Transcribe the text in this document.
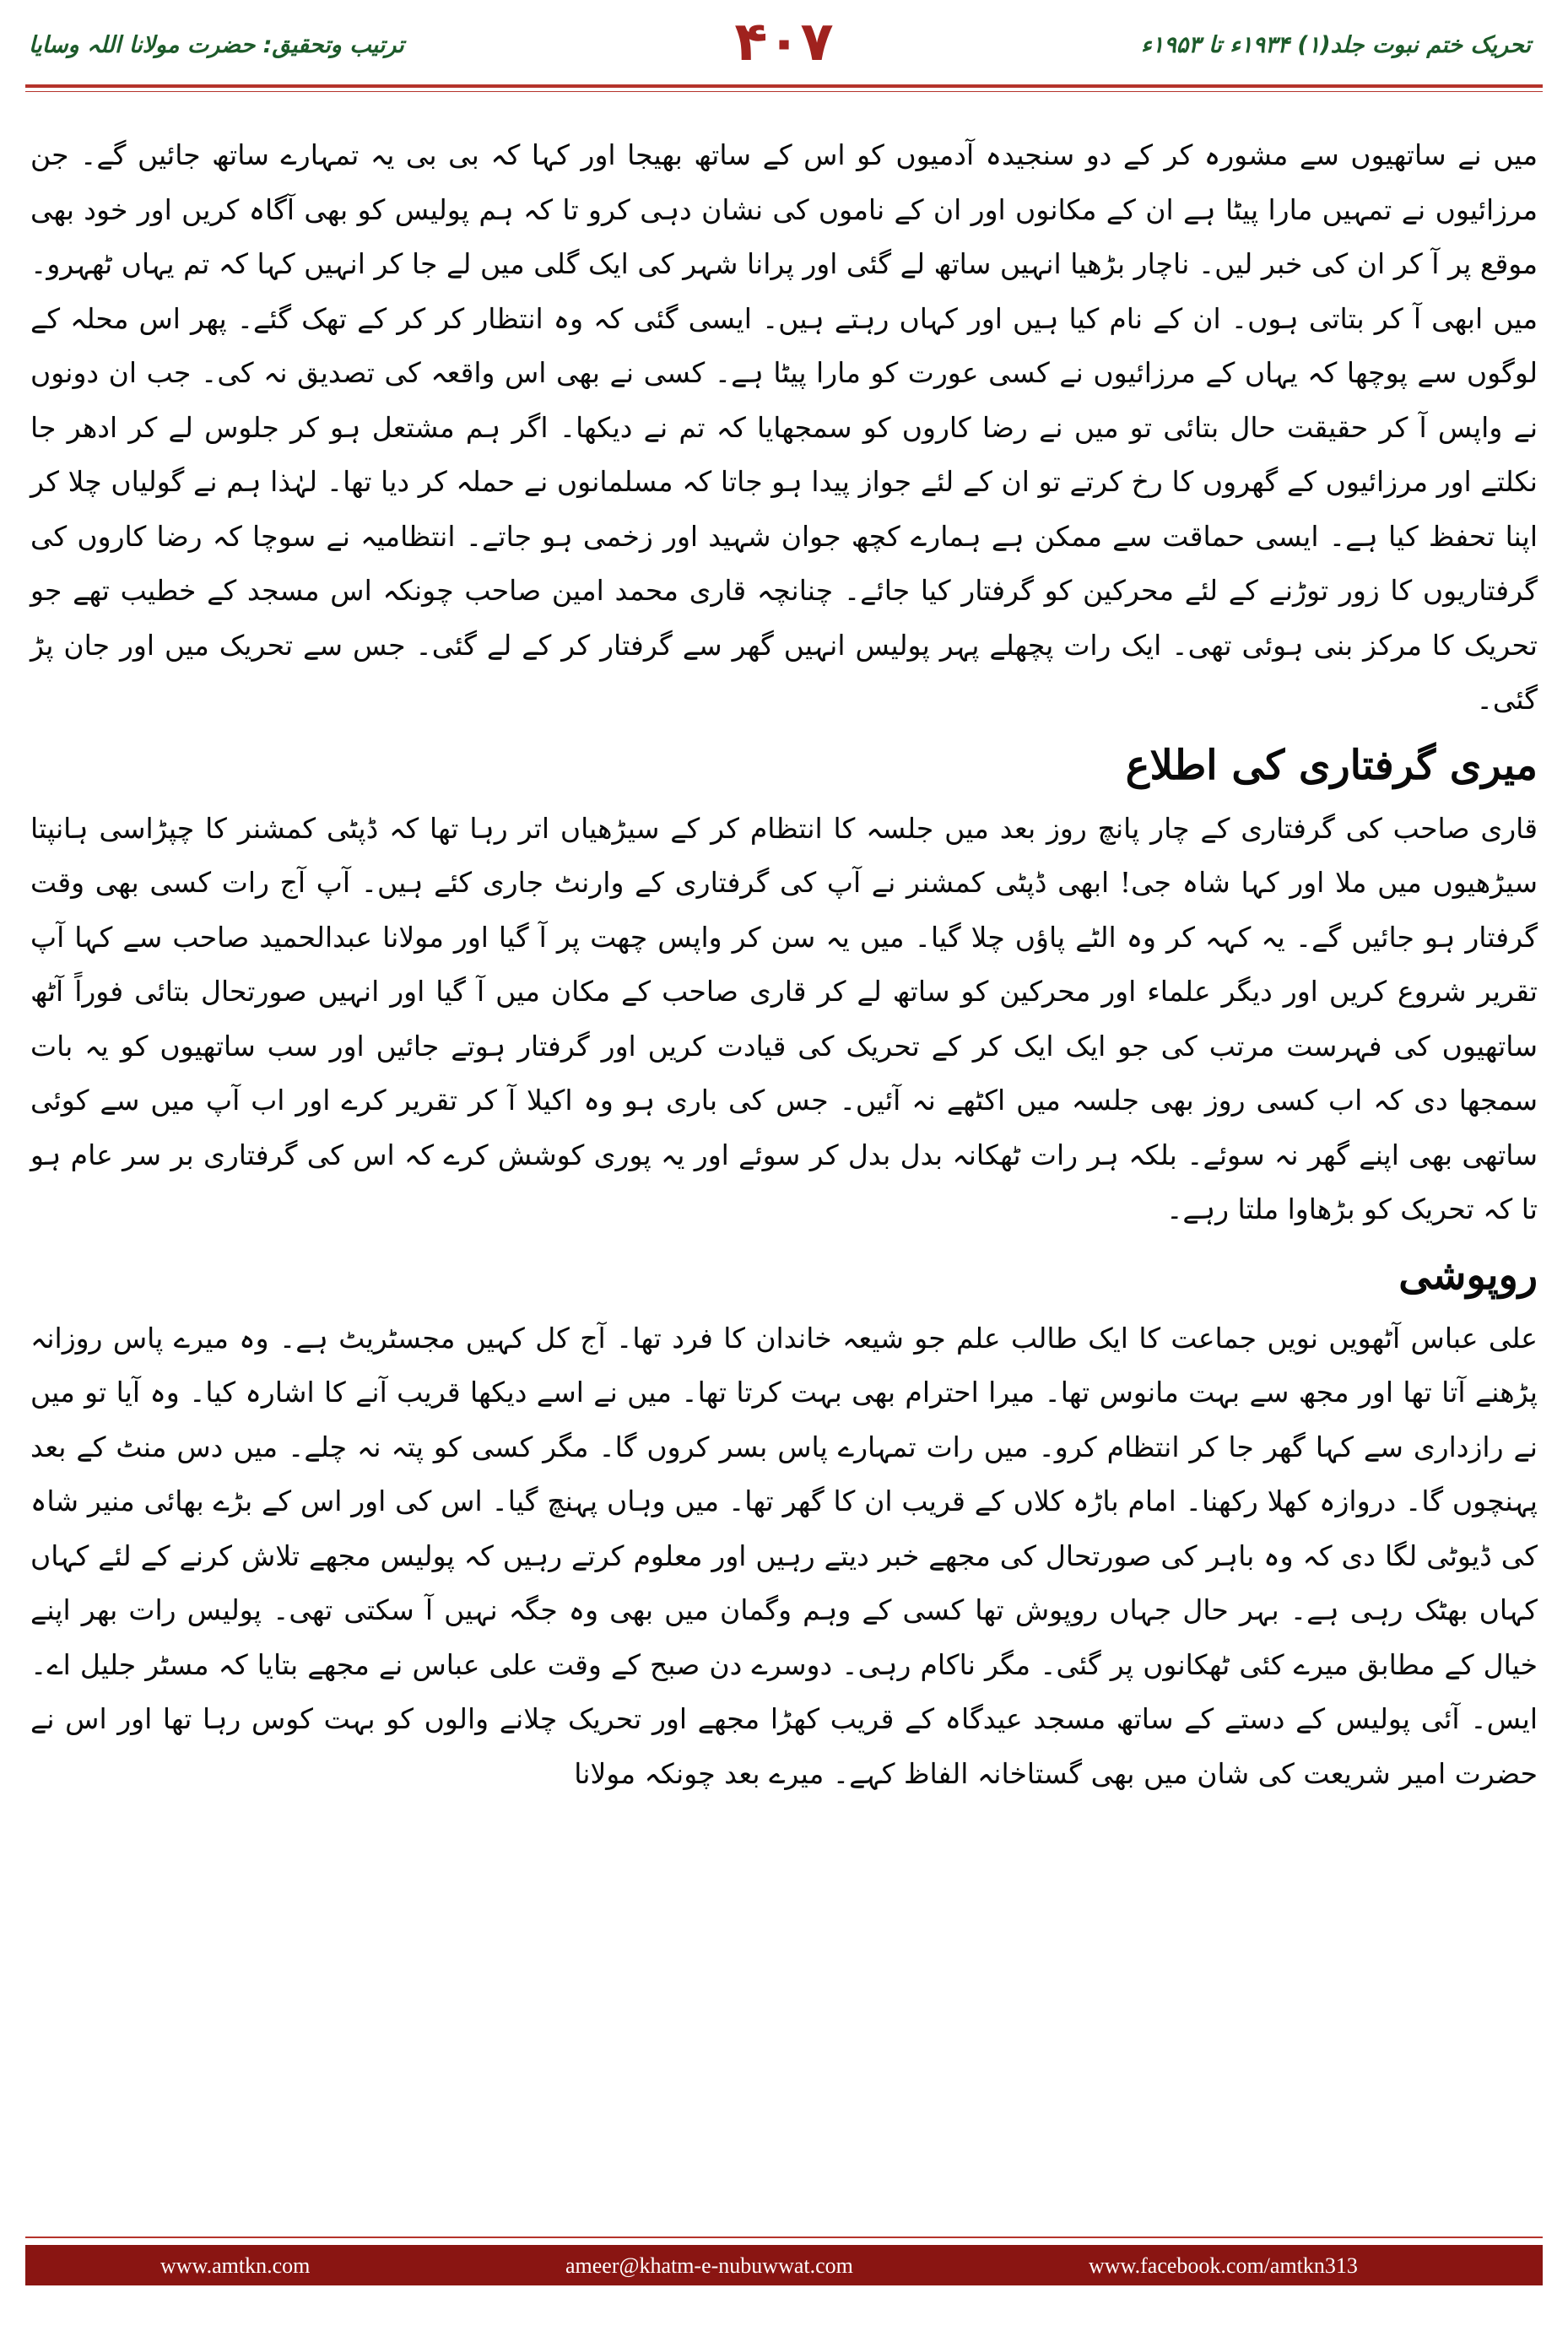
تحریک ختم نبوت جلد(۱) ۱۹۳۴ء تا ۱۹۵۳ء
۴۰۷
ترتیب وتحقیق: حضرت مولانا اللہ وسایا

میں نے ساتھیوں سے مشورہ کر کے دو سنجیدہ آدمیوں کو اس کے ساتھ بھیجا اور کہا کہ بی بی یہ تمہارے ساتھ جائیں گے۔ جن مرزائیوں نے تمہیں مارا پیٹا ہے ان کے مکانوں اور ان کے ناموں کی نشان دہی کرو تا کہ ہم پولیس کو بھی آگاہ کریں اور خود بھی موقع پر آ کر ان کی خبر لیں۔ ناچار بڑھیا انہیں ساتھ لے گئی اور پرانا شہر کی ایک گلی میں لے جا کر انہیں کہا کہ تم یہاں ٹھہرو۔ میں ابھی آ کر بتاتی ہوں۔ ان کے نام کیا ہیں اور کہاں رہتے ہیں۔ ایسی گئی کہ وہ انتظار کر کر کے تھک گئے۔ پھر اس محلہ کے لوگوں سے پوچھا کہ یہاں کے مرزائیوں نے کسی عورت کو مارا پیٹا ہے۔ کسی نے بھی اس واقعہ کی تصدیق نہ کی۔ جب ان دونوں نے واپس آ کر حقیقت حال بتائی تو میں نے رضا کاروں کو سمجھایا کہ تم نے دیکھا۔ اگر ہم مشتعل ہو کر جلوس لے کر ادھر جا نکلتے اور مرزائیوں کے گھروں کا رخ کرتے تو ان کے لئے جواز پیدا ہو جاتا کہ مسلمانوں نے حملہ کر دیا تھا۔ لہٰذا ہم نے گولیاں چلا کر اپنا تحفظ کیا ہے۔ ایسی حماقت سے ممکن ہے ہمارے کچھ جوان شہید اور زخمی ہو جاتے۔ انتظامیہ نے سوچا کہ رضا کاروں کی گرفتاریوں کا زور توڑنے کے لئے محرکین کو گرفتار کیا جائے۔ چنانچہ قاری محمد امین صاحب چونکہ اس مسجد کے خطیب تھے جو تحریک کا مرکز بنی ہوئی تھی۔ ایک رات پچھلے پہر پولیس انہیں گھر سے گرفتار کر کے لے گئی۔ جس سے تحریک میں اور جان پڑ گئی۔

میری گرفتاری کی اطلاع

قاری صاحب کی گرفتاری کے چار پانچ روز بعد میں جلسہ کا انتظام کر کے سیڑھیاں اتر رہا تھا کہ ڈپٹی کمشنر کا چپڑاسی ہانپتا سیڑھیوں میں ملا اور کہا شاہ جی! ابھی ڈپٹی کمشنر نے آپ کی گرفتاری کے وارنٹ جاری کئے ہیں۔ آپ آج رات کسی بھی وقت گرفتار ہو جائیں گے۔ یہ کہہ کر وہ الٹے پاؤں چلا گیا۔ میں یہ سن کر واپس چھت پر آ گیا اور مولانا عبدالحمید صاحب سے کہا آپ تقریر شروع کریں اور دیگر علماء اور محرکین کو ساتھ لے کر قاری صاحب کے مکان میں آ گیا اور انہیں صورتحال بتائی فوراً آٹھ ساتھیوں کی فہرست مرتب کی جو ایک ایک کر کے تحریک کی قیادت کریں اور گرفتار ہوتے جائیں اور سب ساتھیوں کو یہ بات سمجھا دی کہ اب کسی روز بھی جلسہ میں اکٹھے نہ آئیں۔ جس کی باری ہو وہ اکیلا آ کر تقریر کرے اور اب آپ میں سے کوئی ساتھی بھی اپنے گھر نہ سوئے۔ بلکہ ہر رات ٹھکانہ بدل بدل کر سوئے اور یہ پوری کوشش کرے کہ اس کی گرفتاری بر سر عام ہو تا کہ تحریک کو بڑھاوا ملتا رہے۔

روپوشی

علی عباس آٹھویں نویں جماعت کا ایک طالب علم جو شیعہ خاندان کا فرد تھا۔ آج کل کہیں مجسٹریٹ ہے۔ وہ میرے پاس روزانہ پڑھنے آتا تھا اور مجھ سے بہت مانوس تھا۔ میرا احترام بھی بہت کرتا تھا۔ میں نے اسے دیکھا قریب آنے کا اشارہ کیا۔ وہ آیا تو میں نے رازداری سے کہا گھر جا کر انتظام کرو۔ میں رات تمہارے پاس بسر کروں گا۔ مگر کسی کو پتہ نہ چلے۔ میں دس منٹ کے بعد پہنچوں گا۔ دروازہ کھلا رکھنا۔ امام باڑہ کلاں کے قریب ان کا گھر تھا۔ میں وہاں پہنچ گیا۔ اس کی اور اس کے بڑے بھائی منیر شاہ کی ڈیوٹی لگا دی کہ وہ باہر کی صورتحال کی مجھے خبر دیتے رہیں اور معلوم کرتے رہیں کہ پولیس مجھے تلاش کرنے کے لئے کہاں کہاں بھٹک رہی ہے۔ بہر حال جہاں روپوش تھا کسی کے وہم وگمان میں بھی وہ جگہ نہیں آ سکتی تھی۔ پولیس رات بھر اپنے خیال کے مطابق میرے کئی ٹھکانوں پر گئی۔ مگر ناکام رہی۔ دوسرے دن صبح کے وقت علی عباس نے مجھے بتایا کہ مسٹر جلیل اے۔ ایس۔ آئی پولیس کے دستے کے ساتھ مسجد عیدگاہ کے قریب کھڑا مجھے اور تحریک چلانے والوں کو بہت کوس رہا تھا اور اس نے حضرت امیر شریعت کی شان میں بھی گستاخانہ الفاظ کہے۔ میرے بعد چونکہ مولانا

www.amtkn.com	ameer@khatm-e-nubuwwat.com	www.facebook.com/amtkn313
